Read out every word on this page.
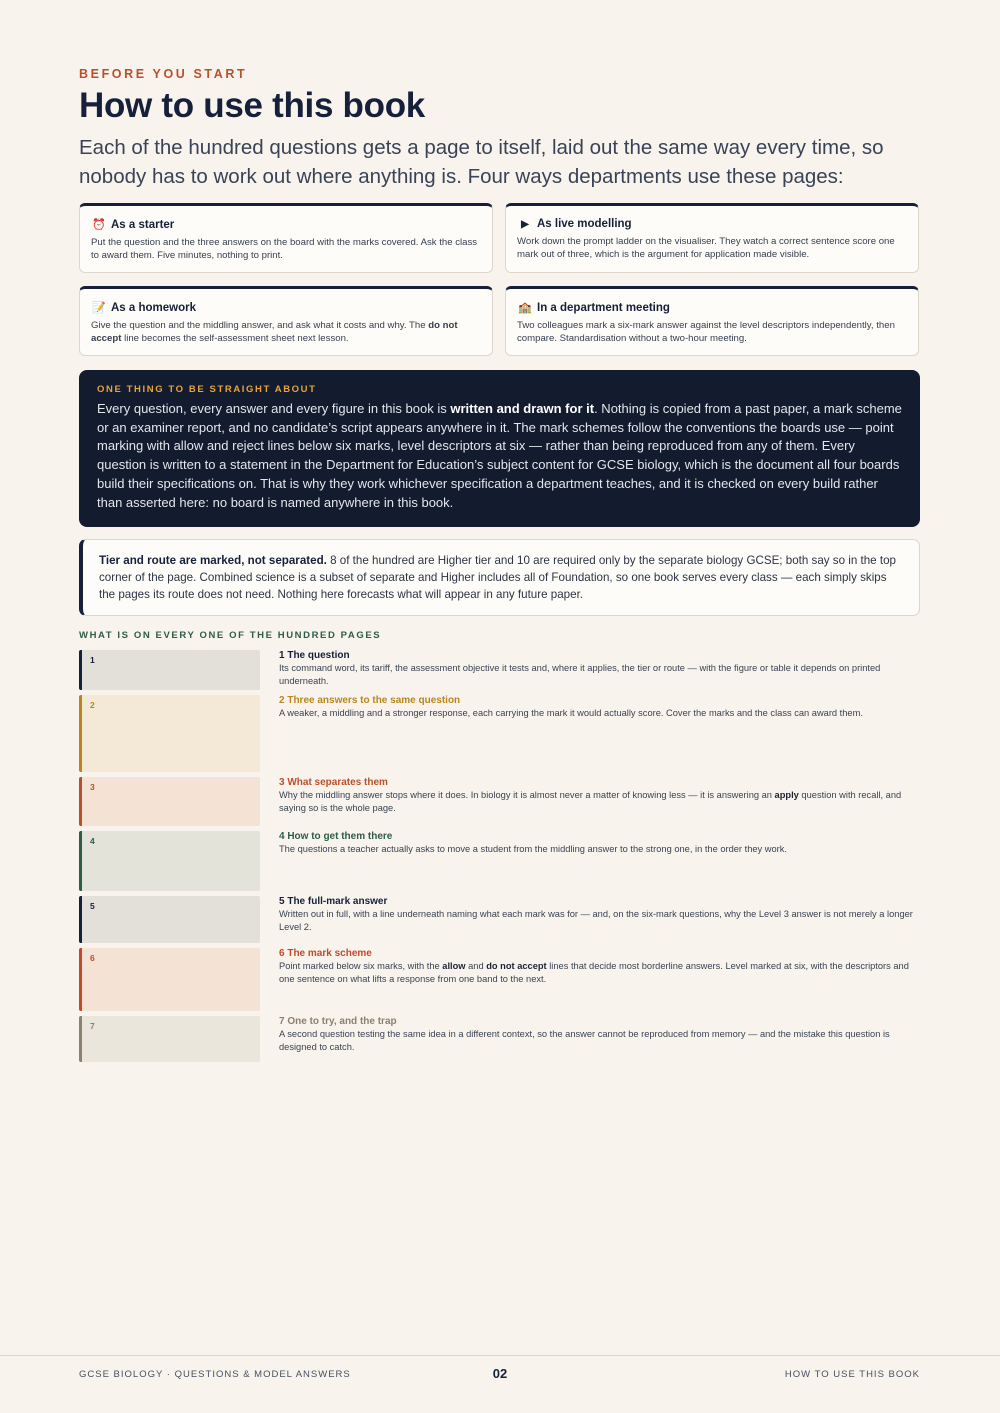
BEFORE YOU START
How to use this book
Each of the hundred questions gets a page to itself, laid out the same way every time, so nobody has to work out where anything is. Four ways departments use these pages:
⏰ As a starter
Put the question and the three answers on the board with the marks covered. Ask the class to award them. Five minutes, nothing to print.
▶ As live modelling
Work down the prompt ladder on the visualiser. They watch a correct sentence score one mark out of three, which is the argument for application made visible.
📝 As a homework
Give the question and the middling answer, and ask what it costs and why. The do not accept line becomes the self-assessment sheet next lesson.
🏫 In a department meeting
Two colleagues mark a six-mark answer against the level descriptors independently, then compare. Standardisation without a two-hour meeting.
ONE THING TO BE STRAIGHT ABOUT
Every question, every answer and every figure in this book is written and drawn for it. Nothing is copied from a past paper, a mark scheme or an examiner report, and no candidate’s script appears anywhere in it. The mark schemes follow the conventions the boards use — point marking with allow and reject lines below six marks, level descriptors at six — rather than being reproduced from any of them. Every question is written to a statement in the Department for Education’s subject content for GCSE biology, which is the document all four boards build their specifications on. That is why they work whichever specification a department teaches, and it is checked on every build rather than asserted here: no board is named anywhere in this book.
Tier and route are marked, not separated. 8 of the hundred are Higher tier and 10 are required only by the separate biology GCSE; both say so in the top corner of the page. Combined science is a subset of separate and Higher includes all of Foundation, so one book serves every class — each simply skips the pages its route does not need. Nothing here forecasts what will appear in any future paper.
WHAT IS ON EVERY ONE OF THE HUNDRED PAGES
1	1 The question
Its command word, its tariff, the assessment objective it tests and, where it applies, the tier or route — with the figure or table it depends on printed underneath.
2	2 Three answers to the same question
A weaker, a middling and a stronger response, each carrying the mark it would actually score. Cover the marks and the class can award them.
3	3 What separates them
Why the middling answer stops where it does. In biology it is almost never a matter of knowing less — it is answering an apply question with recall, and saying so is the whole page.
4	4 How to get them there
The questions a teacher actually asks to move a student from the middling answer to the strong one, in the order they work.
5	5 The full-mark answer
Written out in full, with a line underneath naming what each mark was for — and, on the six-mark questions, why the Level 3 answer is not merely a longer Level 2.
6	6 The mark scheme
Point marked below six marks, with the allow and do not accept lines that decide most borderline answers. Level marked at six, with the descriptors and one sentence on what lifts a response from one band to the next.
7	7 One to try, and the trap
A second question testing the same idea in a different context, so the answer cannot be reproduced from memory — and the mistake this question is designed to catch.
GCSE BIOLOGY · QUESTIONS & MODEL ANSWERS	02	HOW TO USE THIS BOOK
